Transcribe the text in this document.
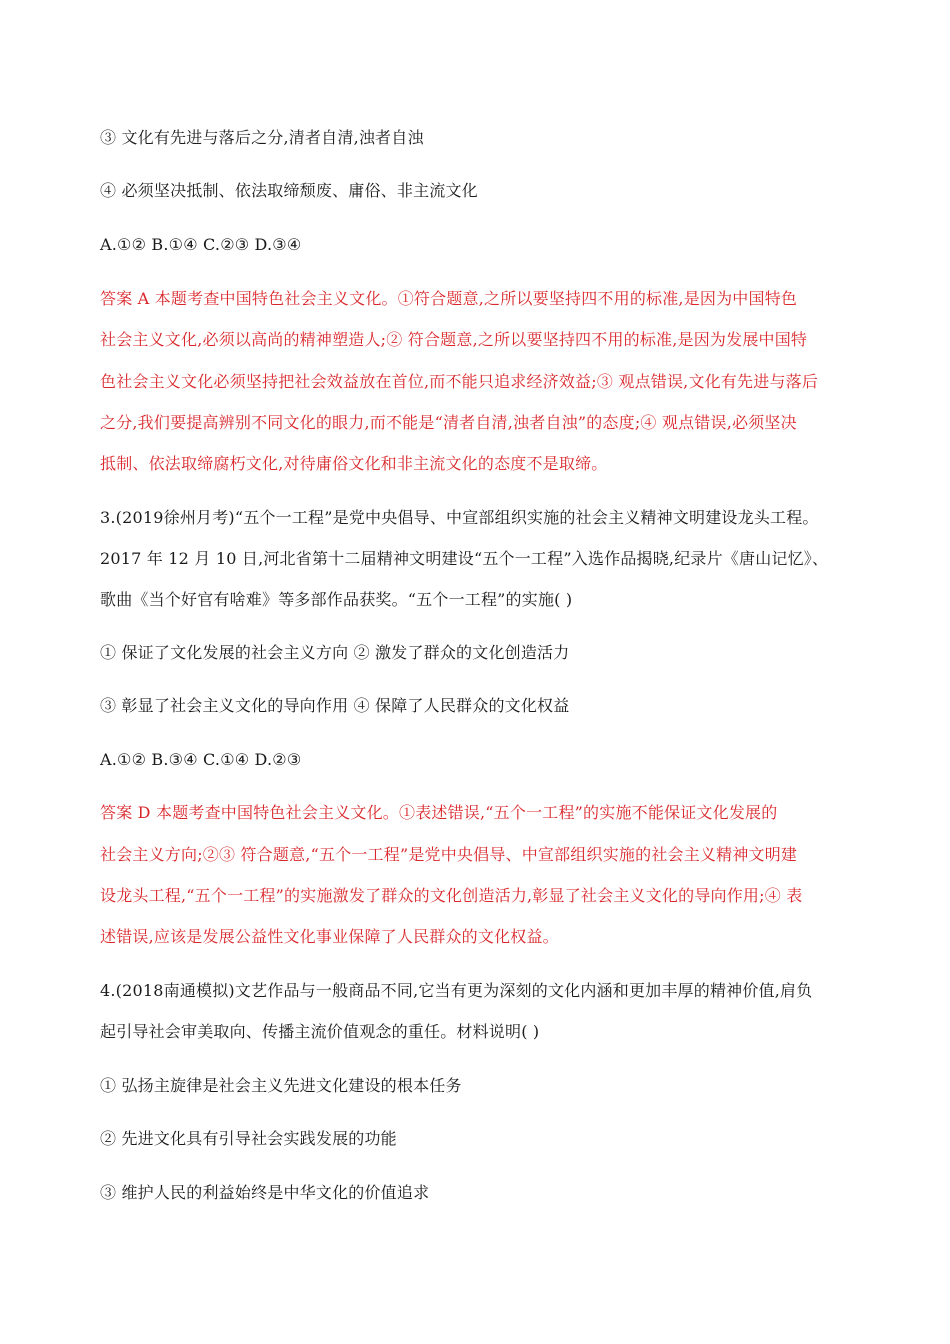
③ 文化有先进与落后之分,清者自清,浊者自浊
④ 必须坚决抵制、依法取缔颓废、庸俗、非主流文化
A.①② B.①④ C.②③ D.③④
答案 A 本题考查中国特色社会主义文化。①符合题意,之所以要坚持四不用的标准,是因为中国特色
社会主义文化,必须以高尚的精神塑造人;② 符合题意,之所以要坚持四不用的标准,是因为发展中国特
色社会主义文化必须坚持把社会效益放在首位,而不能只追求经济效益;③ 观点错误,文化有先进与落后
之分,我们要提高辨别不同文化的眼力,而不能是“清者自清,浊者自浊”的态度;④ 观点错误,必须坚决
抵制、依法取缔腐朽文化,对待庸俗文化和非主流文化的态度不是取缔。
3.(2019徐州月考)“五个一工程”是党中央倡导、中宣部组织实施的社会主义精神文明建设龙头工程。
2017 年 12 月 10 日,河北省第十二届精神文明建设“五个一工程”入选作品揭晓,纪录片《唐山记忆》、
歌曲《当个好官有啥难》等多部作品获奖。“五个一工程”的实施( )
① 保证了文化发展的社会主义方向 ② 激发了群众的文化创造活力
③ 彰显了社会主义文化的导向作用 ④ 保障了人民群众的文化权益
A.①② B.③④ C.①④ D.②③
答案 D 本题考查中国特色社会主义文化。①表述错误,“五个一工程”的实施不能保证文化发展的
社会主义方向;②③ 符合题意,“五个一工程”是党中央倡导、中宣部组织实施的社会主义精神文明建
设龙头工程,“五个一工程”的实施激发了群众的文化创造活力,彰显了社会主义文化的导向作用;④ 表
述错误,应该是发展公益性文化事业保障了人民群众的文化权益。
4.(2018南通模拟)文艺作品与一般商品不同,它当有更为深刻的文化内涵和更加丰厚的精神价值,肩负
起引导社会审美取向、传播主流价值观念的重任。材料说明( )
① 弘扬主旋律是社会主义先进文化建设的根本任务
② 先进文化具有引导社会实践发展的功能
③ 维护人民的利益始终是中华文化的价值追求
